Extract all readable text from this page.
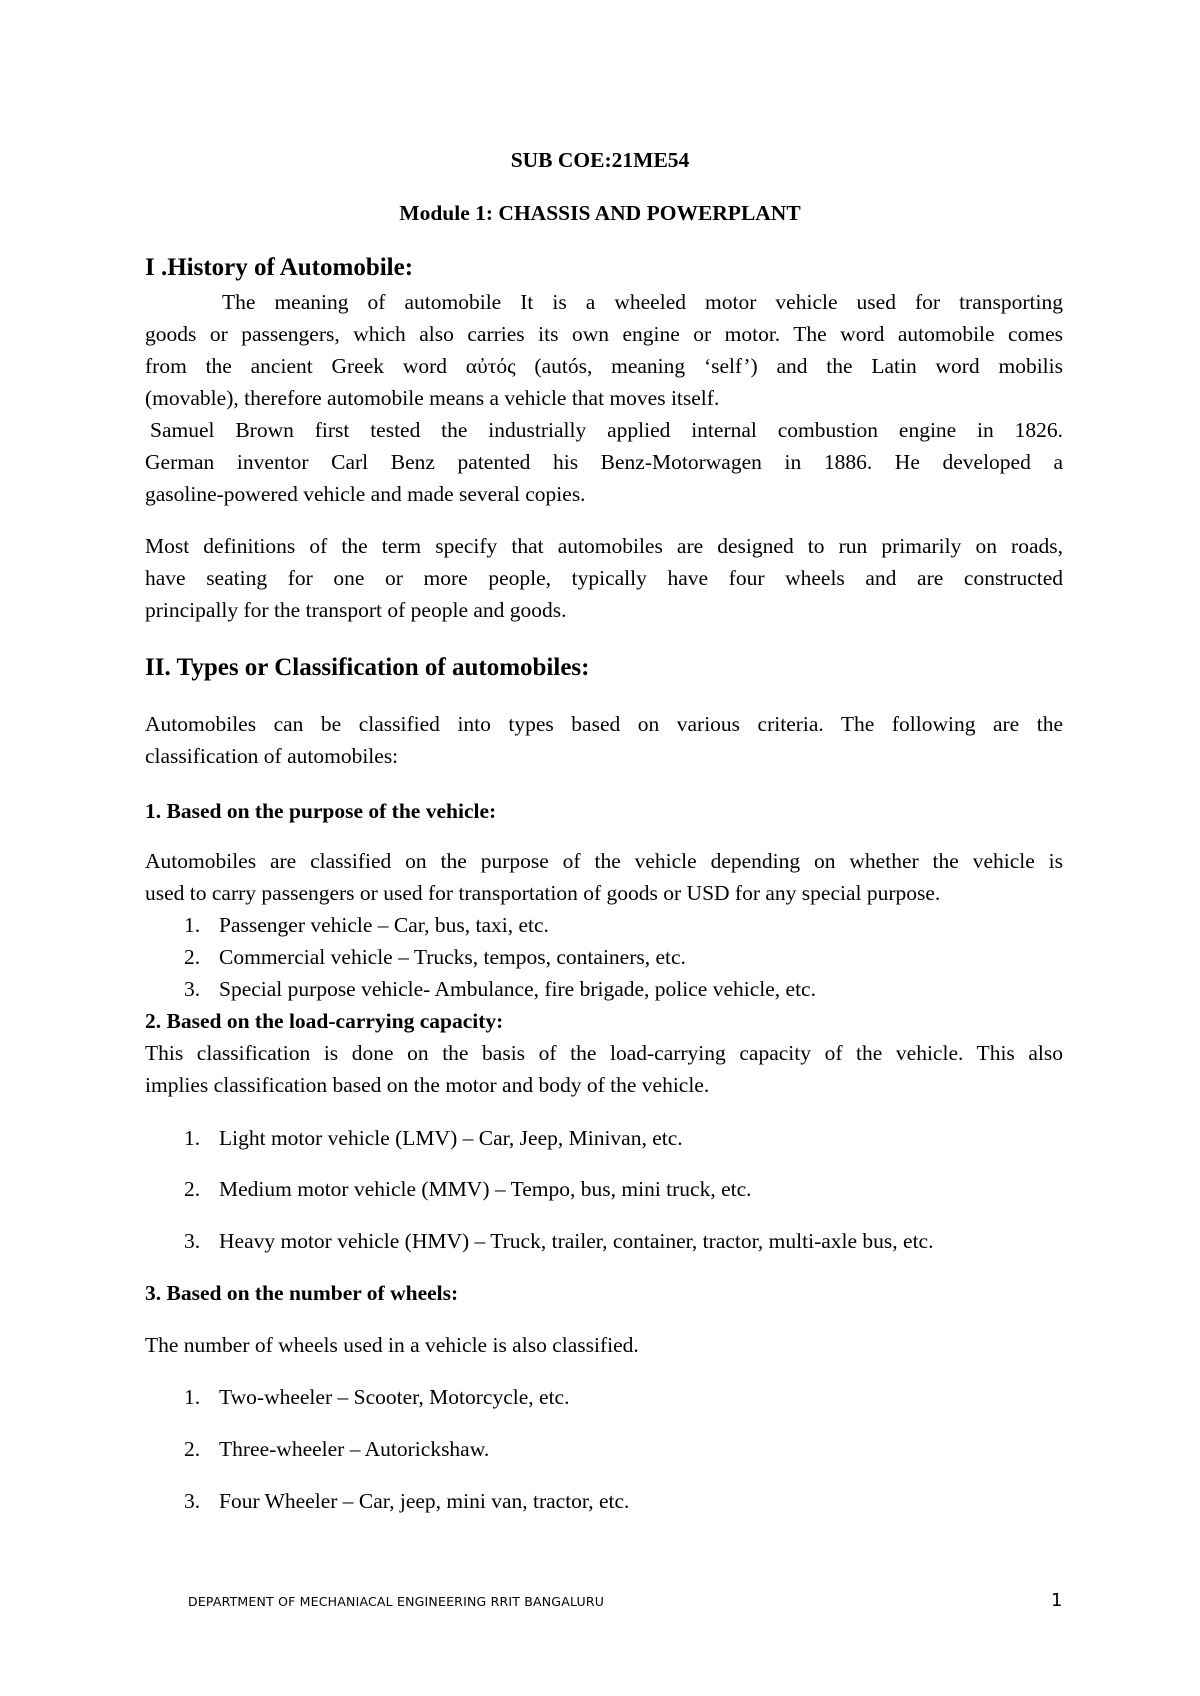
SUB COE:21ME54

Module 1: CHASSIS AND POWERPLANT

I .History of Automobile:

The meaning of automobile It is a wheeled motor vehicle used for transporting

goods or passengers, which also carries its own engine or motor. The word automobile comes

from the ancient Greek word αὐτός (autós, meaning ‘self’) and the Latin word mobilis

(movable), therefore automobile means a vehicle that moves itself.

Samuel Brown first tested the industrially applied internal combustion engine in 1826.

German inventor Carl Benz patented his Benz-Motorwagen in 1886. He developed a

gasoline-powered vehicle and made several copies.

Most definitions of the term specify that automobiles are designed to run primarily on roads,

have seating for one or more people, typically have four wheels and are constructed

principally for the transport of people and goods.

II. Types or Classification of automobiles:

Automobiles can be classified into types based on various criteria. The following are the

classification of automobiles:

1. Based on the purpose of the vehicle:

Automobiles are classified on the purpose of the vehicle depending on whether the vehicle is

used to carry passengers or used for transportation of goods or USD for any special purpose.

1. Passenger vehicle – Car, bus, taxi, etc.

2. Commercial vehicle – Trucks, tempos, containers, etc.

3. Special purpose vehicle- Ambulance, fire brigade, police vehicle, etc.

2. Based on the load-carrying capacity:

This classification is done on the basis of the load-carrying capacity of the vehicle. This also

implies classification based on the motor and body of the vehicle.

1. Light motor vehicle (LMV) – Car, Jeep, Minivan, etc.

2. Medium motor vehicle (MMV) – Tempo, bus, mini truck, etc.

3. Heavy motor vehicle (HMV) – Truck, trailer, container, tractor, multi-axle bus, etc.

3. Based on the number of wheels:

The number of wheels used in a vehicle is also classified.

1. Two-wheeler – Scooter, Motorcycle, etc.

2. Three-wheeler – Autorickshaw.

3. Four Wheeler – Car, jeep, mini van, tractor, etc.

DEPARTMENT OF MECHANIACAL ENGINEERING RRIT BANGALURU	1
